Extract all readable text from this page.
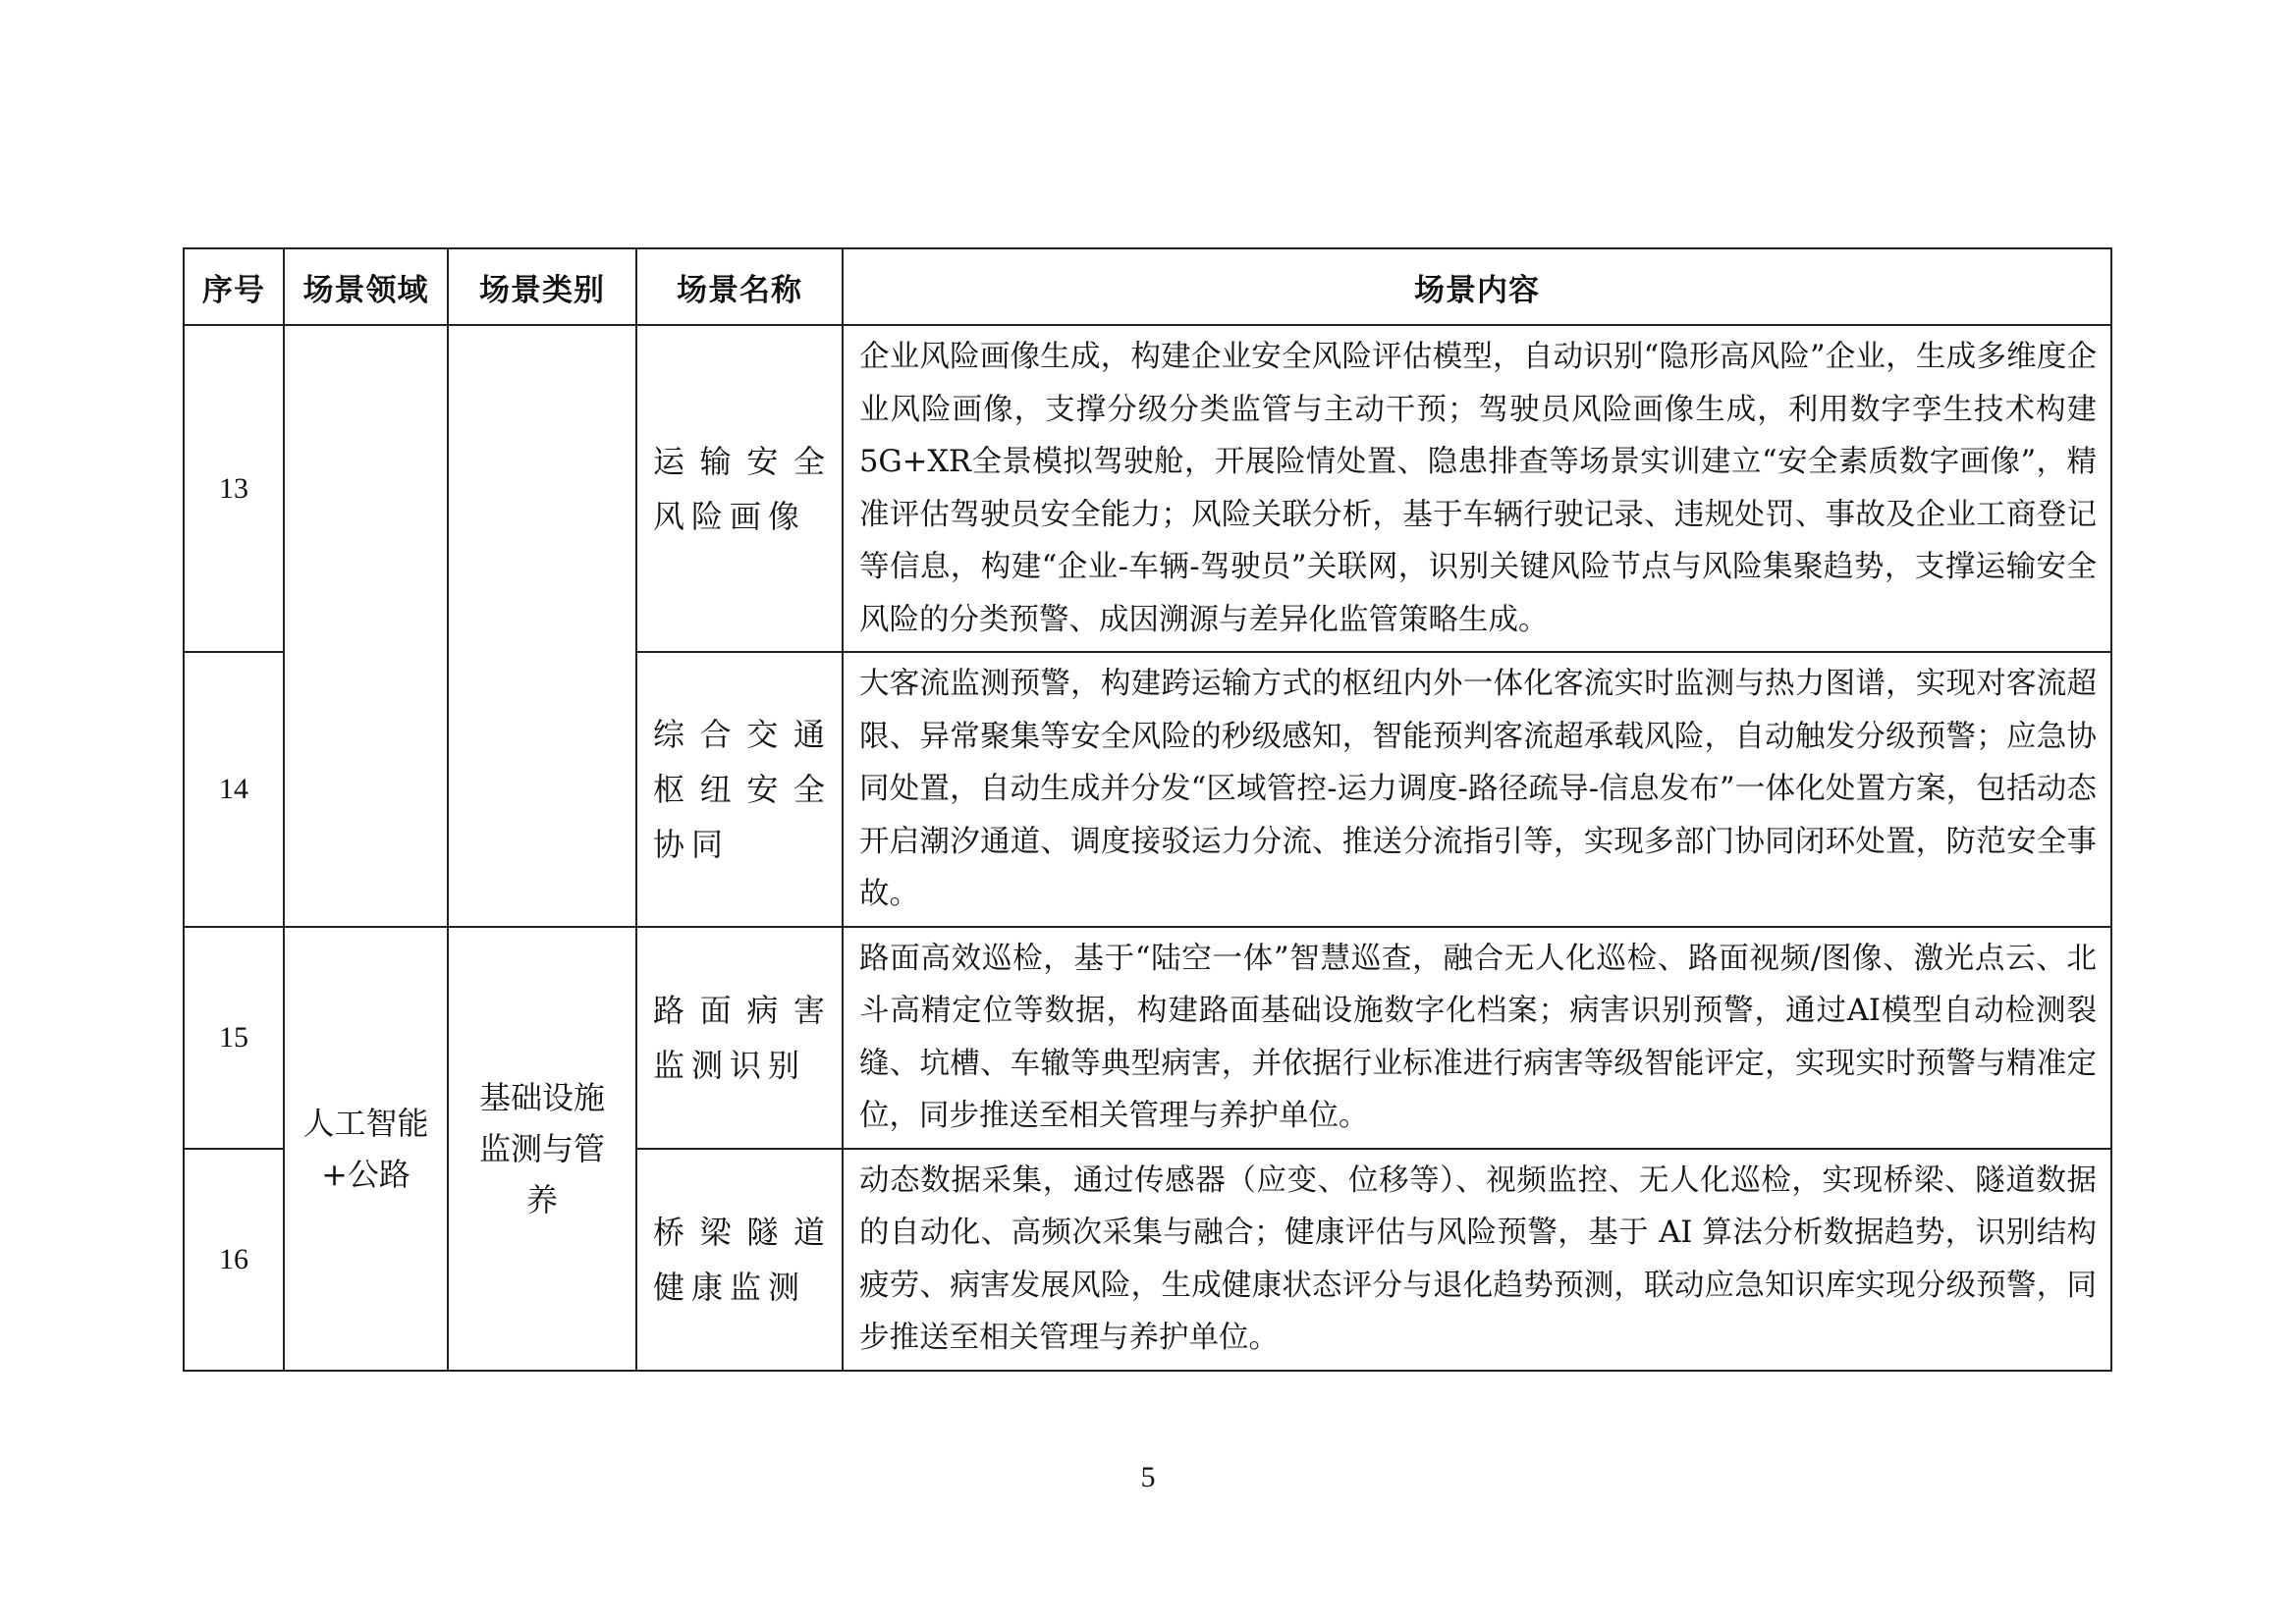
序号	场景领域	场景类别	场景名称	场景内容
13			运输安全风险画像	企业风险画像生成，构建企业安全风险评估模型，自动识别“隐形高风险”企业，生成多维度企业风险画像，支撑分级分类监管与主动干预；驾驶员风险画像生成，利用数字孪生技术构建5G+XR全景模拟驾驶舱，开展险情处置、隐患排查等场景实训建立“安全素质数字画像”，精准评估驾驶员安全能力；风险关联分析，基于车辆行驶记录、违规处罚、事故及企业工商登记等信息，构建“企业-车辆-驾驶员”关联网，识别关键风险节点与风险集聚趋势，支撑运输安全风险的分类预警、成因溯源与差异化监管策略生成。

14			综合交通枢纽安全协同	大客流监测预警，构建跨运输方式的枢纽内外一体化客流实时监测与热力图谱，实现对客流超限、异常聚集等安全风险的秒级感知，智能预判客流超承载风险，自动触发分级预警；应急协同处置，自动生成并分发“区域管控-运力调度-路径疏导-信息发布”一体化处置方案，包括动态开启潮汐通道、调度接驳运力分流、推送分流指引等，实现多部门协同闭环处置，防范安全事故。

15	人工智能+公路	基础设施监测与管养	路面病害监测识别	路面高效巡检，基于“陆空一体”智慧巡查，融合无人化巡检、路面视频/图像、激光点云、北斗高精定位等数据，构建路面基础设施数字化档案；病害识别预警，通过AI模型自动检测裂缝、坑槽、车辙等典型病害，并依据行业标准进行病害等级智能评定，实现实时预警与精准定位，同步推送至相关管理与养护单位。

16			桥梁隧道健康监测	动态数据采集，通过传感器（应变、位移等）、视频监控、无人化巡检，实现桥梁、隧道数据的自动化、高频次采集与融合；健康评估与风险预警，基于 AI 算法分析数据趋势，识别结构疲劳、病害发展风险，生成健康状态评分与退化趋势预测，联动应急知识库实现分级预警，同步推送至相关管理与养护单位。
5
